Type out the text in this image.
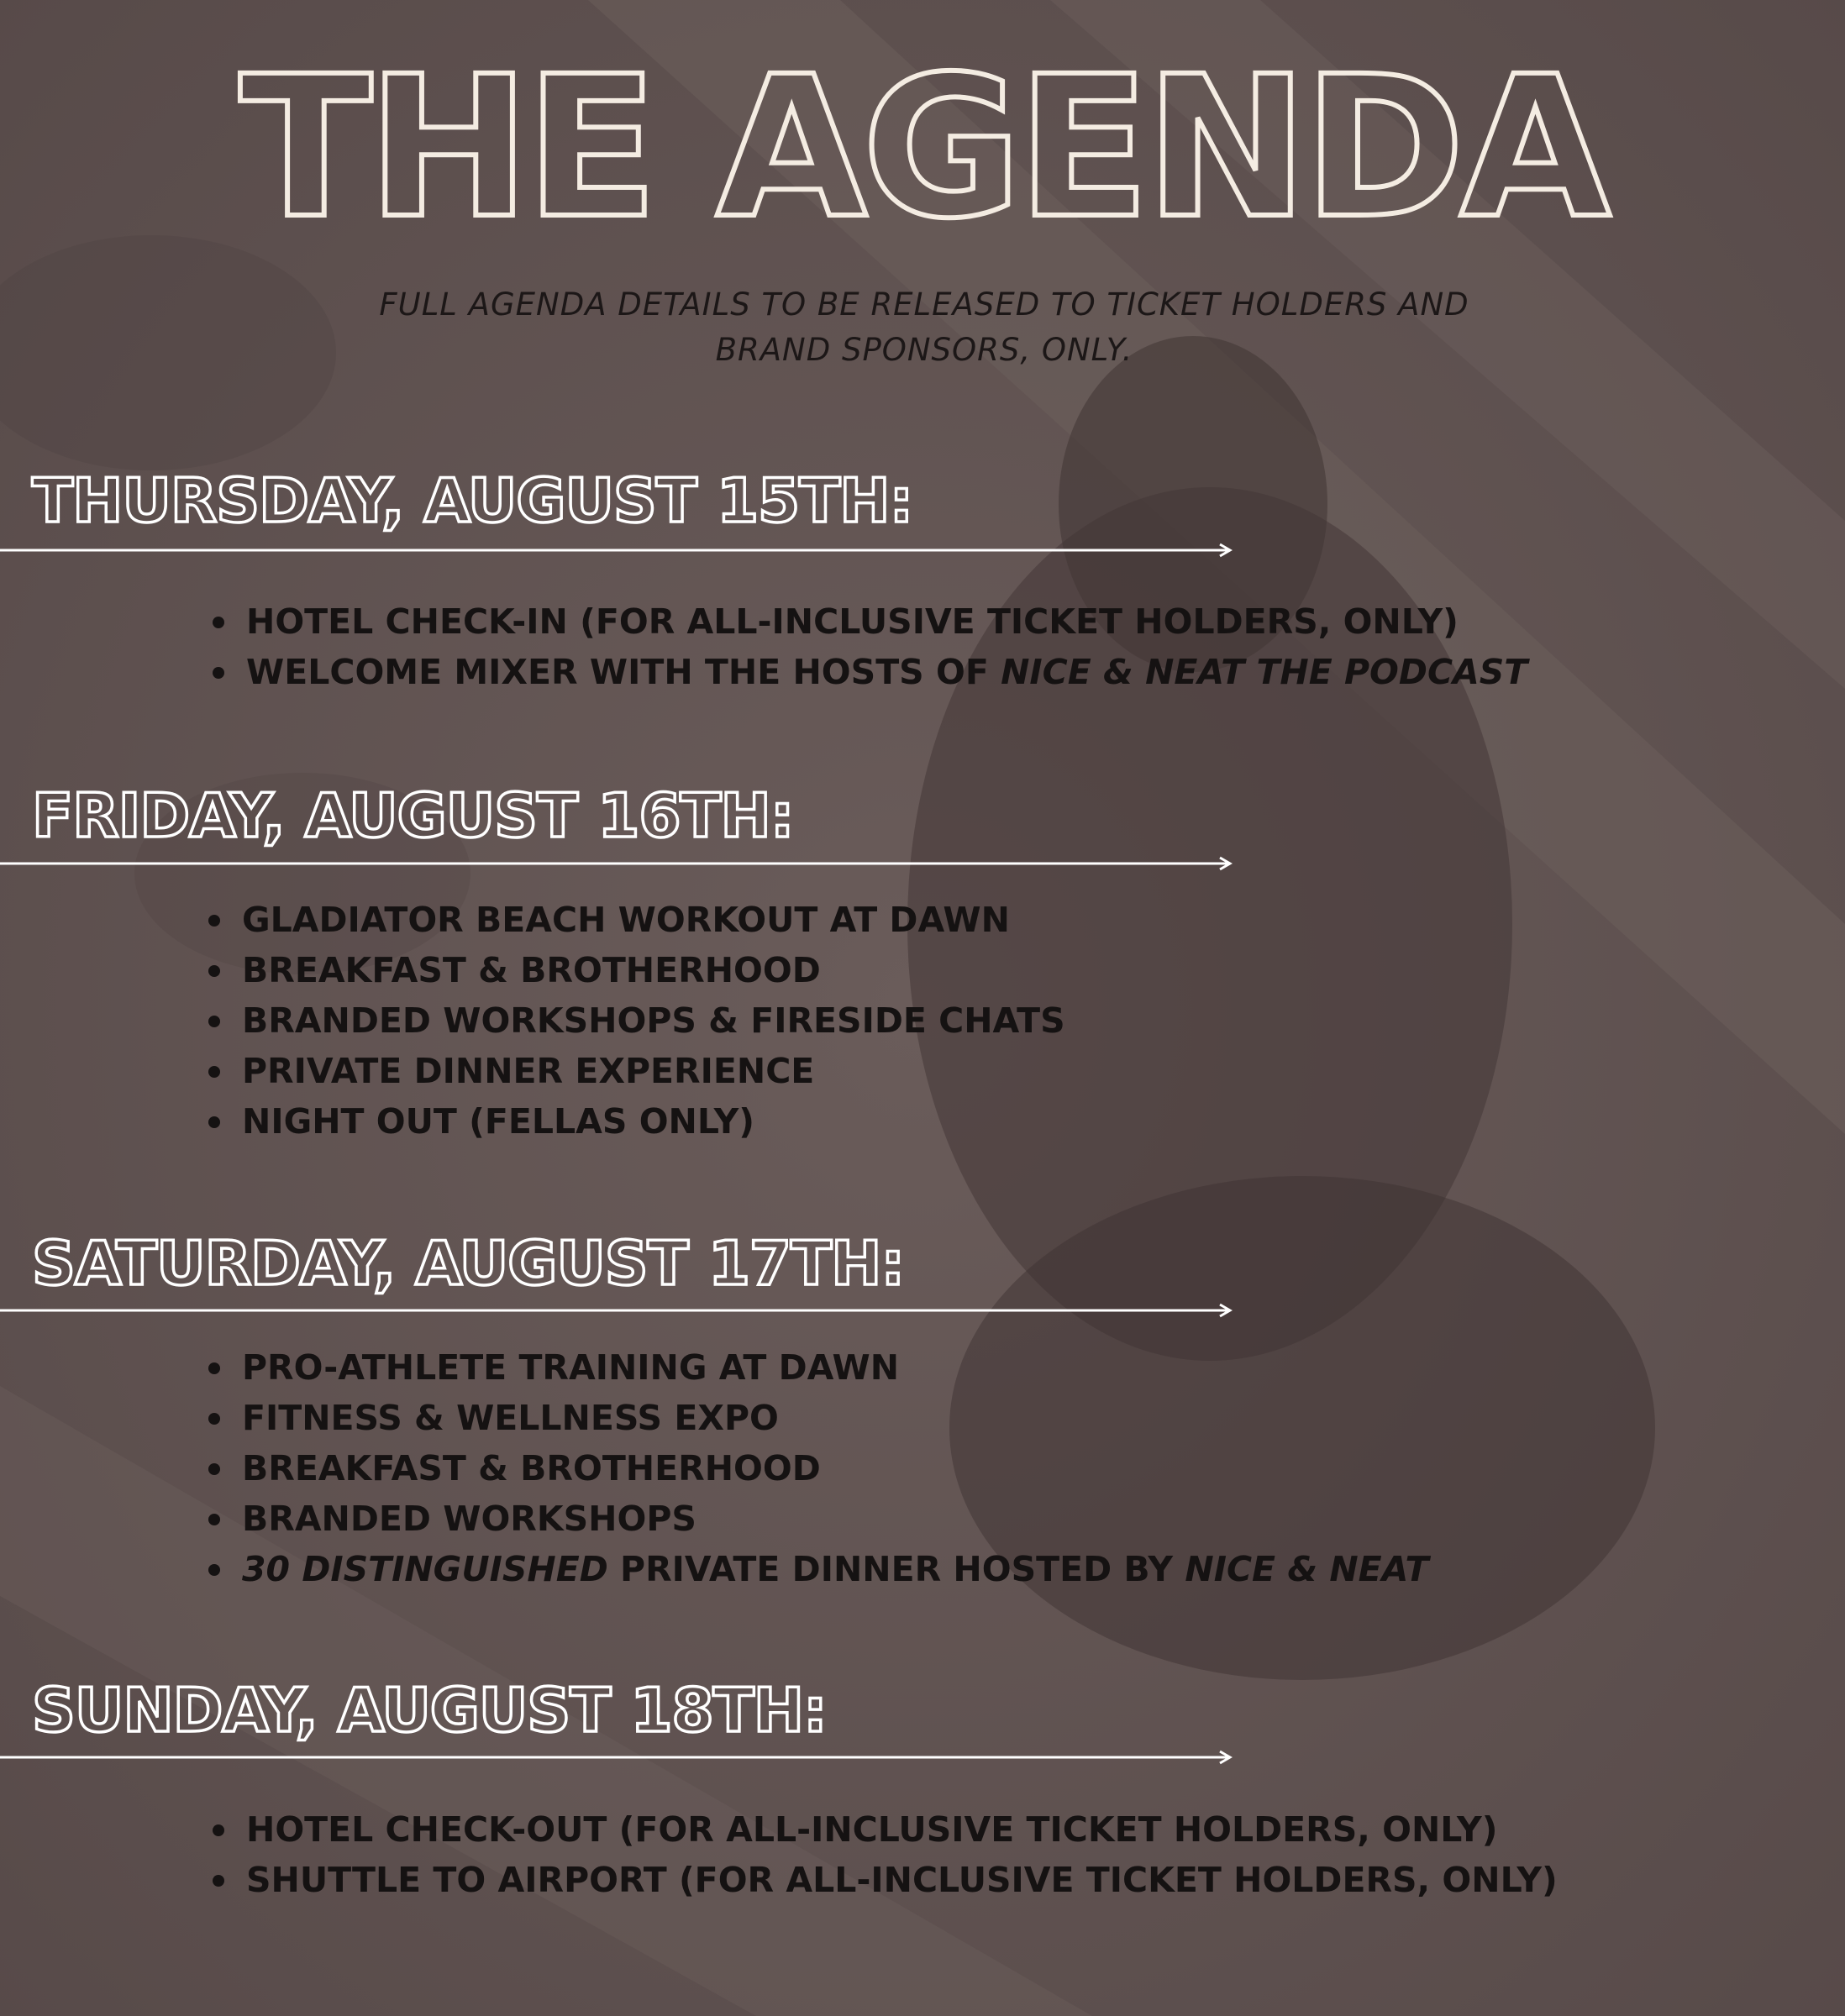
THE AGENDA
FULL AGENDA DETAILS TO BE RELEASED TO TICKET HOLDERS AND
BRAND SPONSORS, ONLY.
THURSDAY, AUGUST 15TH:
HOTEL CHECK-IN (FOR ALL-INCLUSIVE TICKET HOLDERS, ONLY)
WELCOME MIXER WITH THE HOSTS OF NICE & NEAT THE PODCAST
FRIDAY, AUGUST 16TH:
GLADIATOR BEACH WORKOUT AT DAWN
BREAKFAST & BROTHERHOOD
BRANDED WORKSHOPS & FIRESIDE CHATS
PRIVATE DINNER EXPERIENCE
NIGHT OUT (FELLAS ONLY)
SATURDAY, AUGUST 17TH:
PRO-ATHLETE TRAINING AT DAWN
FITNESS & WELLNESS EXPO
BREAKFAST & BROTHERHOOD
BRANDED WORKSHOPS
30 DISTINGUISHED PRIVATE DINNER HOSTED BY NICE & NEAT
SUNDAY, AUGUST 18TH:
HOTEL CHECK-OUT (FOR ALL-INCLUSIVE TICKET HOLDERS, ONLY)
SHUTTLE TO AIRPORT (FOR ALL-INCLUSIVE TICKET HOLDERS, ONLY)
